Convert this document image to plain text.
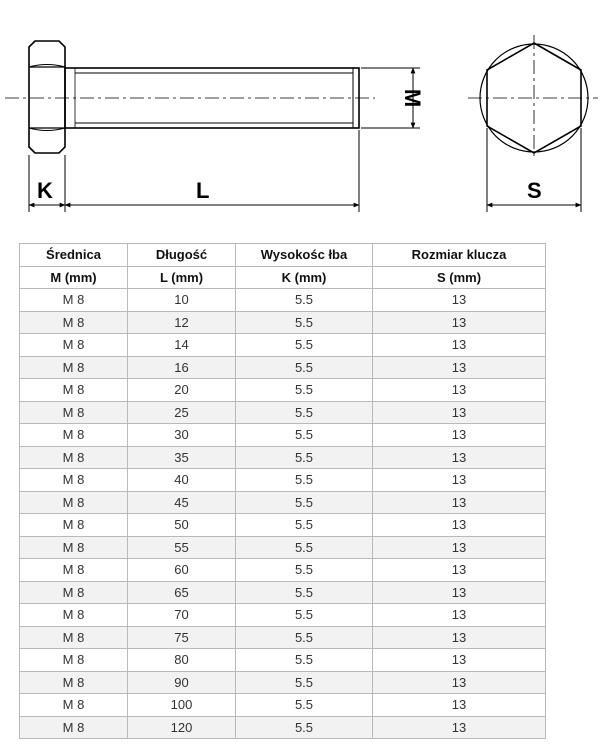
K	L
M
S
Średnica	Długość	Wysokośc łba	Rozmiar klucza
M (mm)	L (mm)	K (mm)	S (mm)
M 8	10	5.5	13
M 8	12	5.5	13
M 8	14	5.5	13
M 8	16	5.5	13
M 8	20	5.5	13
M 8	25	5.5	13
M 8	30	5.5	13
M 8	35	5.5	13
M 8	40	5.5	13
M 8	45	5.5	13
M 8	50	5.5	13
M 8	55	5.5	13
M 8	60	5.5	13
M 8	65	5.5	13
M 8	70	5.5	13
M 8	75	5.5	13
M 8	80	5.5	13
M 8	90	5.5	13
M 8	100	5.5	13
M 8	120	5.5	13
